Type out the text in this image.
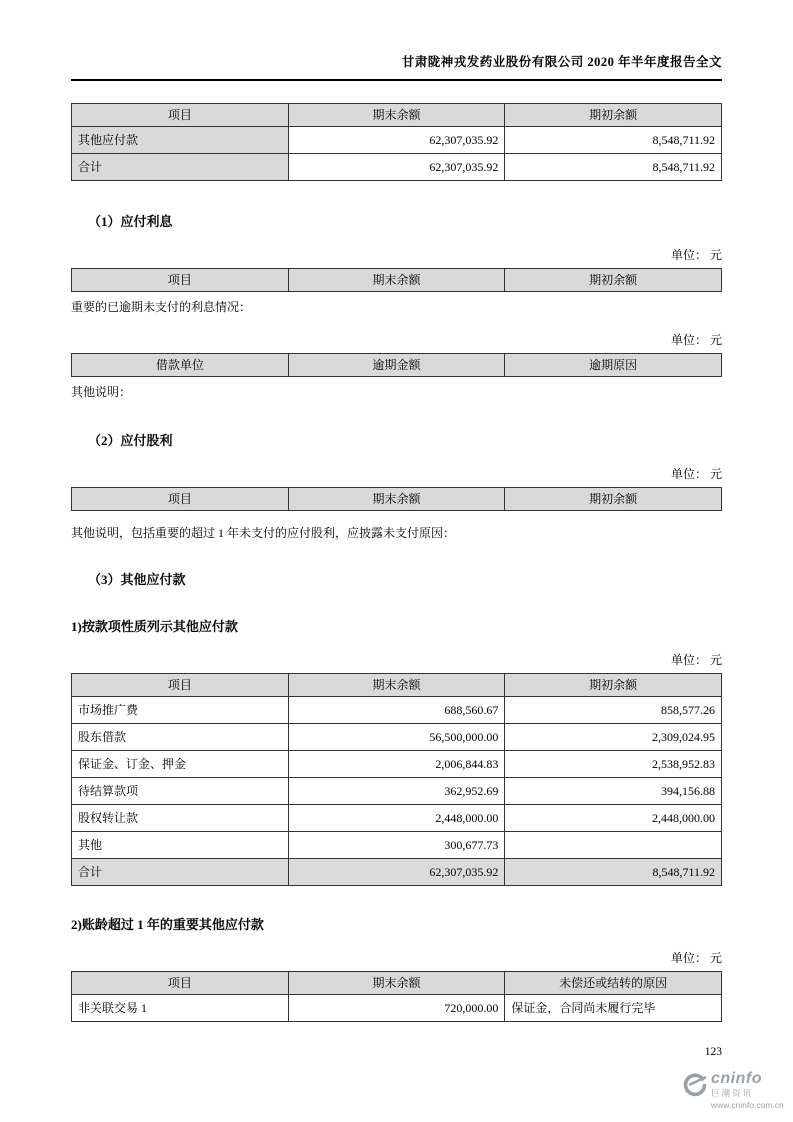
甘肃陇神戎发药业股份有限公司 2020 年半年度报告全文
项目	期末余额	期初余额
其他应付款	62,307,035.92	8,548,711.92
合计	62,307,035.92	8,548,711.92
（1）应付利息
单位： 元
项目	期末余额	期初余额
重要的已逾期未支付的利息情况：
单位： 元
借款单位	逾期金额	逾期原因
其他说明：
（2）应付股利
单位： 元
项目	期末余额	期初余额
其他说明，包括重要的超过 1 年未支付的应付股利，应披露未支付原因：
（3）其他应付款
1)按款项性质列示其他应付款
单位： 元
项目	期末余额	期初余额
市场推广费	688,560.67	858,577.26
股东借款	56,500,000.00	2,309,024.95
保证金、订金、押金	2,006,844.83	2,538,952.83
待结算款项	362,952.69	394,156.88
股权转让款	2,448,000.00	2,448,000.00
其他	300,677.73	
合计	62,307,035.92	8,548,711.92
2)账龄超过 1 年的重要其他应付款
单位： 元
项目	期末余额	未偿还或结转的原因
非关联交易 1	720,000.00	保证金，合同尚未履行完毕
123
cninfo
巨潮资讯
www.cninfo.com.cn
